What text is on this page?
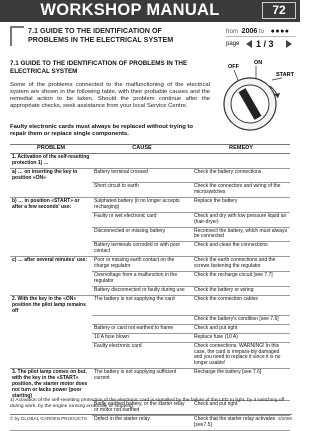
WORKSHOP MANUAL	72
7.1 GUIDE TO THE IDENTIFICATION OF
PROBLEMS IN THE ELECTRICAL SYSTEM
from 2006 to ●●●●
page 1 / 3
7.1 GUIDE TO THE IDENTIFICATION OF PROBLEMS IN THE ELECTRICAL SYSTEM
Some of the problems connected to the malfunctioning of the electrical system are shown in the following table, with their probable causes and the remedial action to be taken. Should the problem continue after the appropriate checks, seek assistance from your local Service Centre.
Faulty electronic cards must always be replaced without trying to repair them or replace single components.
OFF
ON
START
PROBLEM	CAUSE	REMEDY
1. Activation of the self-resetting protection 1) …		
a) … on inserting the key in position «ON»	Battery terminal crossed	Check the battery connections
	Short circuit to earth	Check the connectors and wiring of the microswitches
b) … in position «START» or after a few seconds' use:	Sulphated battery (it no longer accepts recharging)	Replace the battery
	Faulty or wet electronic card	Check and dry with low pressure liquid air (hair-dryer)
	Disconnected or missing battery	Reconnect the battery, which must always be connected
	Battery terminals corroded or with poor contact	Check and clean the connections
c) … after several minutes' use:	Poor or missing earth contact on the charge regulator	Check the earth connections and the screws fastening the regulator
	Overvoltage from a malfunction in the regulator	Check the recharge circuit [see 7.7]
	Battery disconnected or faulty during use	Check the battery or wiring
2. With the key in the «ON» position the pilot lamp remains off	The battery is not supplying the card	Check the connection cables
		Check the battery's condition [see 7.6]
	Battery or card not earthed to frame	Check and put right
	10 A fuse blown	Replace fuse (10 A)
	Faulty electronic card	Check connections. WARNING! In this case, the card is irrepara-bly damaged and you need to replace it since it is no longer usable!
3. The pilot lamp comes on but, with the key in the «START» position, the starter motor does not turn or lacks power (poor starting)	The battery is not supplying sufficient current	Recharge the battery [see 7.6]
	Badly earthed battery, or the starter relay or motor not earthed	Check and put right
	Defect in the starter relay	Check that the starter relay activates [see7.5]
1) Activation of the self-resetting protection of the electronic card is signalled by the failure of the LED to light, by it switching off during work, by the engine running erratically or stopping.
© by GLOBAL GARDEN PRODUCTS	3/2006
